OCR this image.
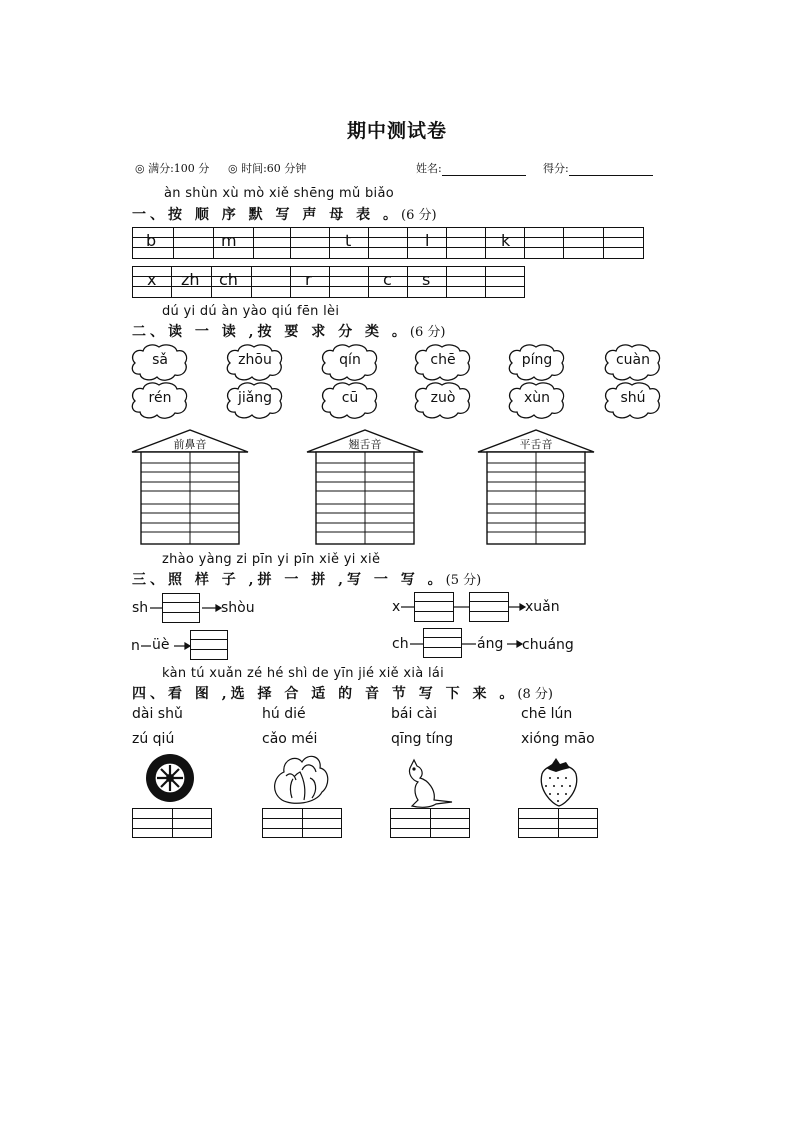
期中测试卷
◎ 满分:100 分 ◎ 时间:60 分钟	姓名:	得分:
àn shùn xù mò xiě shēng mǔ biǎo
一、按 顺 序 默 写 声 母 表 。(6 分)
b	m	t	l	k
x zh ch	r	c s
dú yi dú àn yào qiú fēn lèi
二、读 一 读 ,按 要 求 分 类 。(6 分)
sǎ	zhōu	qín	chē	píng	cuàn
rén	jiǎng	cū	zuò	xùn	shú
前鼻音	翘舌音	平舌音
zhào yàng zi pīn yi pīn xiě yi xiě
三、照 样 子 ,拼 一 拼 ,写 一 写 。(5 分)
sh	shòu	x	xuǎn
n üè	ch	áng chuáng
kàn tú xuǎn zé hé shì de yīn jié xiě xià lái
四、看 图 ,选 择 合 适 的 音 节 写 下 来 。(8 分)
dài shǔ	hú dié	bái cài	chē lún
zú qiú	cǎo méi	qīng tíng	xióng māo
